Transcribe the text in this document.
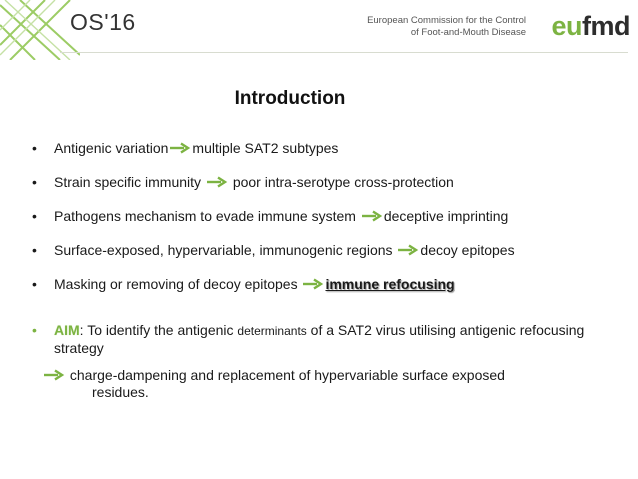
OS'16	European Commission for the Control
of Foot-and-Mouth Disease eufmd
Introduction
• Antigenic variation multiple SAT2 subtypes
• Strain specific immunity poor intra-serotype cross-protection
• Pathogens mechanism to evade immune system deceptive imprinting
• Surface-exposed, hypervariable, immunogenic regions decoy epitopes
• Masking or removing of decoy epitopes immune refocusing
• AIM: To identify the antigenic determinants of a SAT2 virus utilising antigenic refocusing strategy
charge-dampening and replacement of hypervariable surface exposed
residues.
